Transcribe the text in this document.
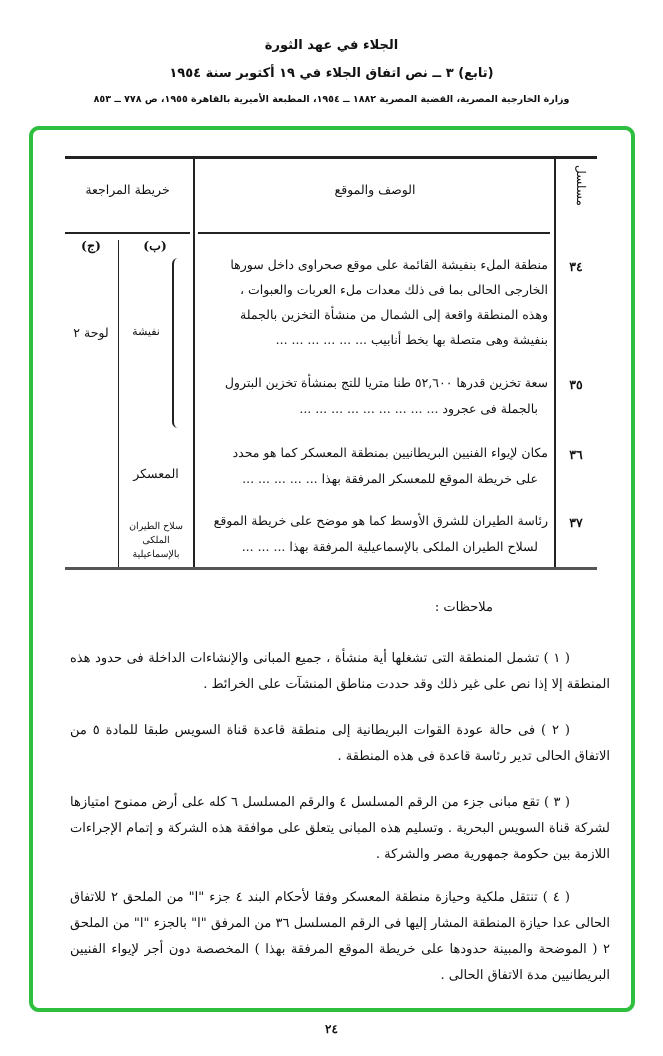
الجلاء في عهد الثورة
(تابع) ٣ ــ نص اتفاق الجلاء في ١٩ أكتوبر سنة ١٩٥٤
وزارة الخارجية المصرية، القضية المصرية ١٨٨٢ ــ ١٩٥٤، المطبعة الأميرية بالقاهرة ١٩٥٥، ص ٧٧٨ ــ ٨٥٣
مسلسل
الوصف والموقع
خريطة المراجعة
(ب)
(ج)
نفيشة
المعسكر
سلاح الطيران الملكى بالإسماعيلية
لوحة ٢
٣٤
منطقة الملء بنفيشة القائمة على موقع صحراوى داخل سورها
الخارجى الحالى بما فى ذلك معدات ملء العربات والعبوات ،
وهذه المنطقة واقعة إلى الشمال من منشأة التخزين بالجملة
بنفيشة وهى متصلة بها بخط أنابيب ... ... ... ... ... ...
٣٥
سعة تخزين قدرها ٥٢,٦٠٠ طنا متريا للتج بمنشأة تخزين البترول
بالجملة فى عجرود ... ... ... ... ... ... ... ... ...
٣٦
مكان لإيواء الفنيين البريطانيين بمنطقة المعسكر كما هو محدد
على خريطة الموقع للمعسكر المرفقة بهذا ... ... ... ... ...
٣٧
رئاسة الطيران للشرق الأوسط كما هو موضح على خريطة الموقع
لسلاح الطيران الملكى بالإسماعيلية المرفقة بهذا ... ... ...
ملاحظات :
( ١ ) تشمل المنطقة التى تشغلها أية منشأة ، جميع المبانى والإنشاءات الداخلة فى حدود هذه المنطقة إلا إذا نص على غير ذلك وقد حددت مناطق المنشآت على الخرائط .
( ٢ ) فى حالة عودة القوات البريطانية إلى منطقة قاعدة قناة السويس طبقا للمادة ٥ من الاتفاق الحالى تدير رئاسة قاعدة فى هذه المنطقة .
( ٣ ) تقع مبانى جزء من الرقم المسلسل ٤ والرقم المسلسل ٦ كله على أرض ممنوح امتيازها لشركة قناة السويس البحرية . وتسليم هذه المبانى يتعلق على موافقة هذه الشركة و إتمام الإجراءات اللازمة بين حكومة جمهورية مصر والشركة .
( ٤ ) تنتقل ملكية وحيازة منطقة المعسكر وفقا لأحكام البند ٤ جزء "ا" من الملحق ٢ للاتفاق الحالى عدا حيازة المنطقة المشار إليها فى الرقم المسلسل ٣٦ من المرفق "ا" بالجزء "ا" من الملحق ٢ ( الموضحة والمبينة حدودها على خريطة الموقع المرفقة بهذا ) المخصصة دون أجر لإيواء الفنيين البريطانيين مدة الاتفاق الحالى .
٢٤
